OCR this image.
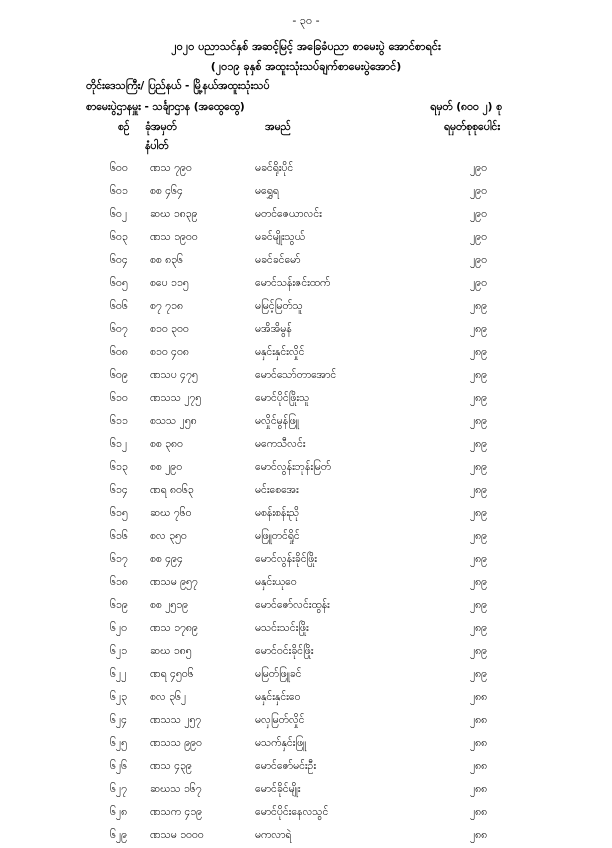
- ၃၀ -
၂၀၂၀ ပညာသင်နှစ် အဆင့်မြင့် အခြေခံပညာ စာမေးပွဲ အောင်စာရင်း
(၂၀၁၉ ခုနှစ် အထူးသုံးသပ်ချက်စာမေးပွဲအောင်)
တိုင်းဒေသကြီး/ ပြည်နယ် - မြို့နယ်အထူးသုံးသပ်
စာမေးပွဲဌာနမှူး - သင်္ချာဌာန (အထွေထွေ)	ရမှတ် (၈၀၀ ၂) စု
စဉ် ခုံအမှတ်
နံပါတ်
အမည်	ရမှတ်စုစုပေါင်း
၆၀၀ ဏသ ၇၉၀	မခင်ရိုးပိုင်	၂၉၀
၆၀၁ စစ ၄၆၄	မရွှေရ	၂၉၀
၆၀၂ ဆဃ ၁၈၃၉	မတင်ဇေယာလင်း	၂၉၀
၆၀၃ ဏသ ၁၉၀၀	မခင်မျိုးသွယ်	၂၉၀
၆၀၄ စစ ၈၃၆	မခင်ခင်မော်	၂၉၀
၆၀၅ စပေ ၁၁၅	မောင်သန်းဇင်းထက်	၂၉၀
၆၀၆ စ၇ ၇၁၈	မမြင့်မြတ်သူ	၂၈၉
၆၀၇ စ၁၀ ၃၀၀	မအိအိမွန်	၂၈၉
၆၀၈ စ၁၀ ၄၀၈	မနှင်းနှင်းလှိုင်	၂၈၉
၆၀၉ ဏသပ ၄၇၅	မောင်သော်တာအောင်	၂၈၉
၆၁၀ ဏသသ ၂၇၅	မောင်ပိုင်ဖြိုးသူ	၂၈၉
၆၁၁ စသသ ၂၅၈	မလှိုင်မွန်ဖြူ	၂၈၉
၆၁၂ စစ ၃၈၀	မကေသီလင်း	၂၈၉
၆၁၃ စစ ၂၉၀	မောင်လွန်းဘုန်းမြတ်	၂၈၉
၆၁၄ ဏရ ၈၀၆၃	မင်းစေအေး	၂၈၉
၆၁၅ ဆဃ ၇၆၀	မစန်းစန်းညို	၂၈၉
၆၁၆ စလ ၃၅၀	မဖြူတင်ရှိုင်	၂၈၉
၆၁၇ စစ ၄၉၄	မောင်လွန်းခိုင်ဖြိုး	၂၈၉
၆၁၈ ဏသမ ၉၅၇	မနှင်းယုဝေ	၂၈၉
၆၁၉ စစ ၂၅၁၉	မောင်ဇော်လင်းထွန်း	၂၈၉
၆၂၀ ဏသ ၁၇၈၉	မသင်းသင်းဖြိုး	၂၈၉
၆၂၁ ဆဃ ၁၈၅	မောင်ဝင်းခိုင်ဖြိုး	၂၈၉
၆၂၂ ဏရ ၄၅၀၆	မမြတ်ဖြူခင်	၂၈၉
၆၂၃ စလ ၃၆၂	မနှင်းနှင်းဝေ	၂၈၈
၆၂၄ ဏသသ ၂၅၇	မလှမြတ်လှိုင်	၂၈၈
၆၂၅ ဏသသ ၉၉၀	မသက်နှင်းဖြူ	၂၈၈
၆၂၆ ဏသ ၄၃၉	မောင်ဇော်မင်းဦး	၂၈၈
၆၂၇ ဆဃသ ၁၆၇	မောင်ခိုင်မျိုး	၂၈၈
၆၂၈ ဏသက ၄၁၉	မောင်ပိုင်းနေလသွင်	၂၈၈
၆၂၉ ဏသမ ၁၀၀၀	မကလာရဲ	၂၈၈
